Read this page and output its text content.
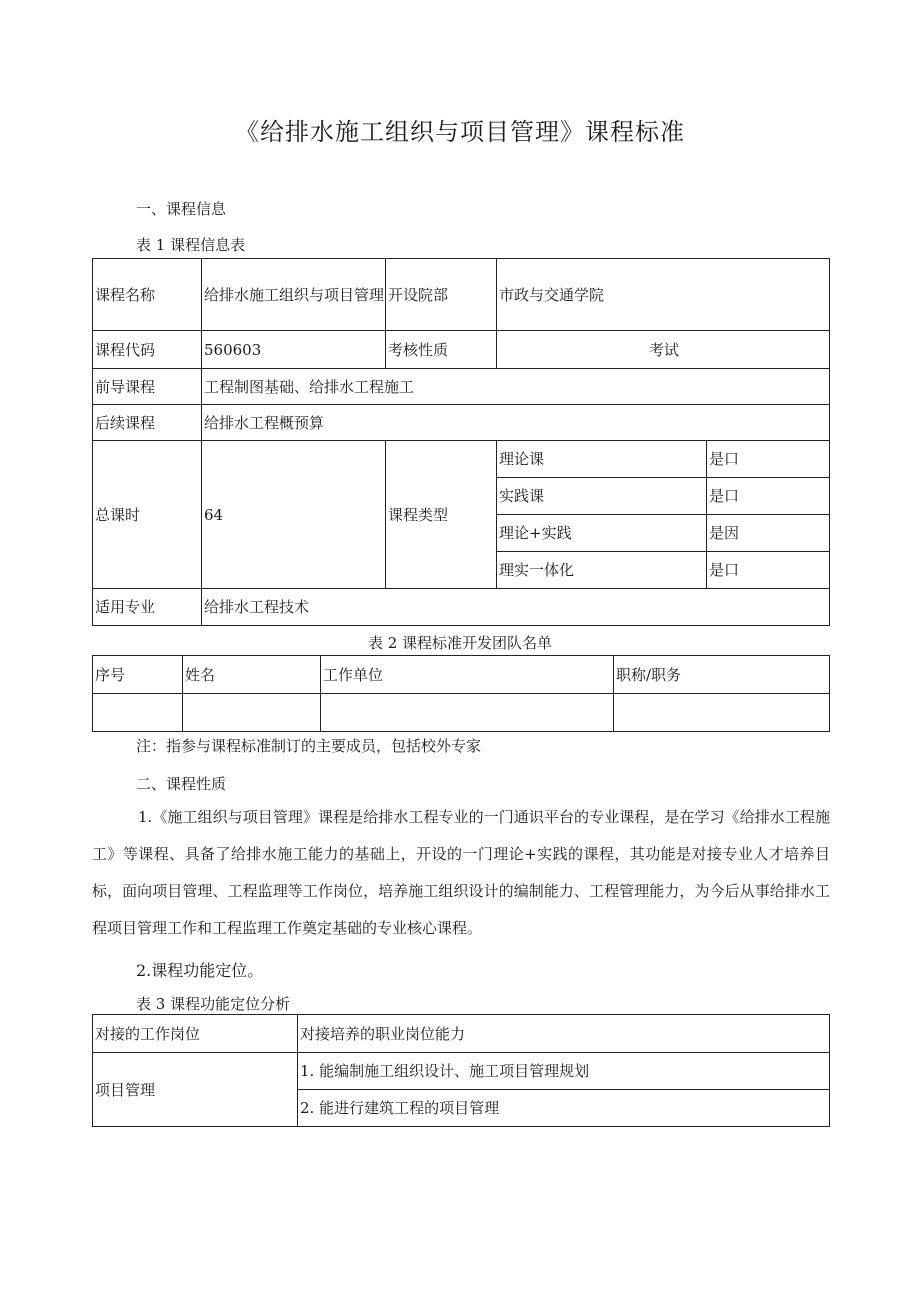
《给排水施工组织与项目管理》课程标准
一、课程信息
表 1 课程信息表
课程名称	给排水施工组织与项目管理	开设院部	市政与交通学院	
课程代码	560603	考核性质	考试	
前导课程	工程制图基础、给排水工程施工			
后续课程	给排水工程概预算			
总课时	64	课程类型	理论课	是口
			实践课	是口
			理论+实践	是因
			理实一体化	是口
适用专业	给排水工程技术			
表 2 课程标准开发团队名单
序号	姓名	工作单位	职称/职务

注：指参与课程标准制订的主要成员，包括校外专家
二、课程性质
1.《施工组织与项目管理》课程是给排水工程专业的一门通识平台的专业课程，是在学习《给排水工程施工》等课程、具备了给排水施工能力的基础上，开设的一门理论+实践的课程，其功能是对接专业人才培养目标，面向项目管理、工程监理等工作岗位，培养施工组织设计的编制能力、工程管理能力，为今后从事给排水工程项目管理工作和工程监理工作奠定基础的专业核心课程。
2.课程功能定位。
表 3 课程功能定位分析
对接的工作岗位	对接培养的职业岗位能力
项目管理	1. 能编制施工组织设计、施工项目管理规划
	2. 能进行建筑工程的项目管理
